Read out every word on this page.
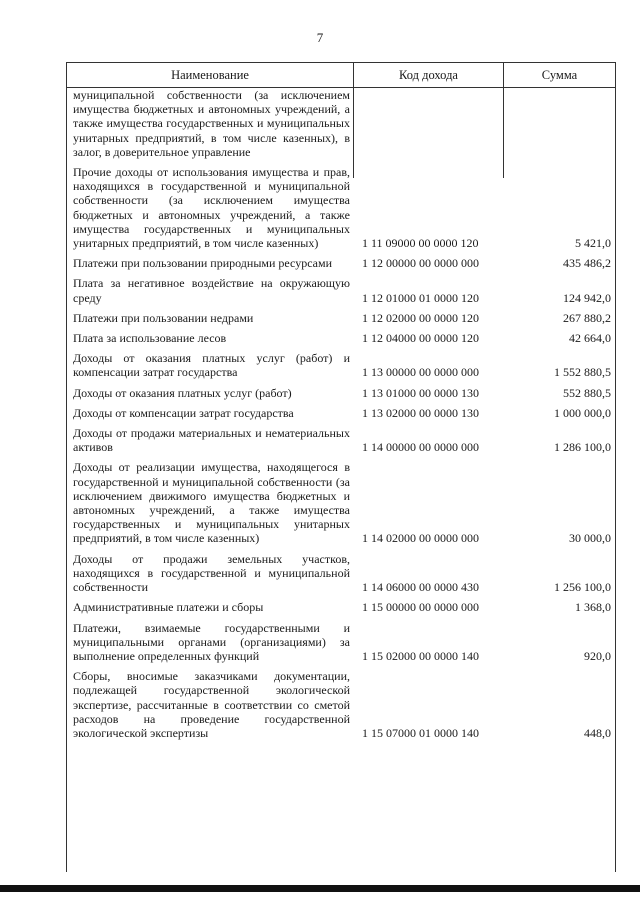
7
Наименование	Код дохода	Сумма
муниципальной собственности (за исключением имущества бюджетных и автономных учреждений, а также имущества государственных и муниципальных унитарных предприятий, в том числе казенных), в залог, в доверительное управление
Прочие доходы от использования имущества и прав, находящихся в государственной и муниципальной собственности (за исключением имущества бюджетных и автономных учреждений, а также имущества государственных и муниципальных унитарных предприятий, в том числе казенных)	1 11 09000 00 0000 120	5 421,0
Платежи при пользовании природными ресурсами	1 12 00000 00 0000 000	435 486,2
Плата за негативное воздействие на окружающую среду	1 12 01000 01 0000 120	124 942,0
Платежи при пользовании недрами	1 12 02000 00 0000 120	267 880,2
Плата за использование лесов	1 12 04000 00 0000 120	42 664,0
Доходы от оказания платных услуг (работ) и компенсации затрат государства	1 13 00000 00 0000 000	1 552 880,5
Доходы от оказания платных услуг (работ)	1 13 01000 00 0000 130	552 880,5
Доходы от компенсации затрат государства	1 13 02000 00 0000 130	1 000 000,0
Доходы от продажи материальных и нематериальных активов	1 14 00000 00 0000 000	1 286 100,0
Доходы от реализации имущества, находящегося в государственной и муниципальной собственности (за исключением движимого имущества бюджетных и автономных учреждений, а также имущества государственных и муниципальных унитарных предприятий, в том числе казенных)	1 14 02000 00 0000 000	30 000,0
Доходы от продажи земельных участков, находящихся в государственной и муниципальной собственности	1 14 06000 00 0000 430	1 256 100,0
Административные платежи и сборы	1 15 00000 00 0000 000	1 368,0
Платежи, взимаемые государственными и муниципальными органами (организациями) за выполнение определенных функций	1 15 02000 00 0000 140	920,0
Сборы, вносимые заказчиками документации, подлежащей государственной экологической экспертизе, рассчитанные в соответствии со сметой расходов на проведение государственной экологической экспертизы	1 15 07000 01 0000 140	448,0
